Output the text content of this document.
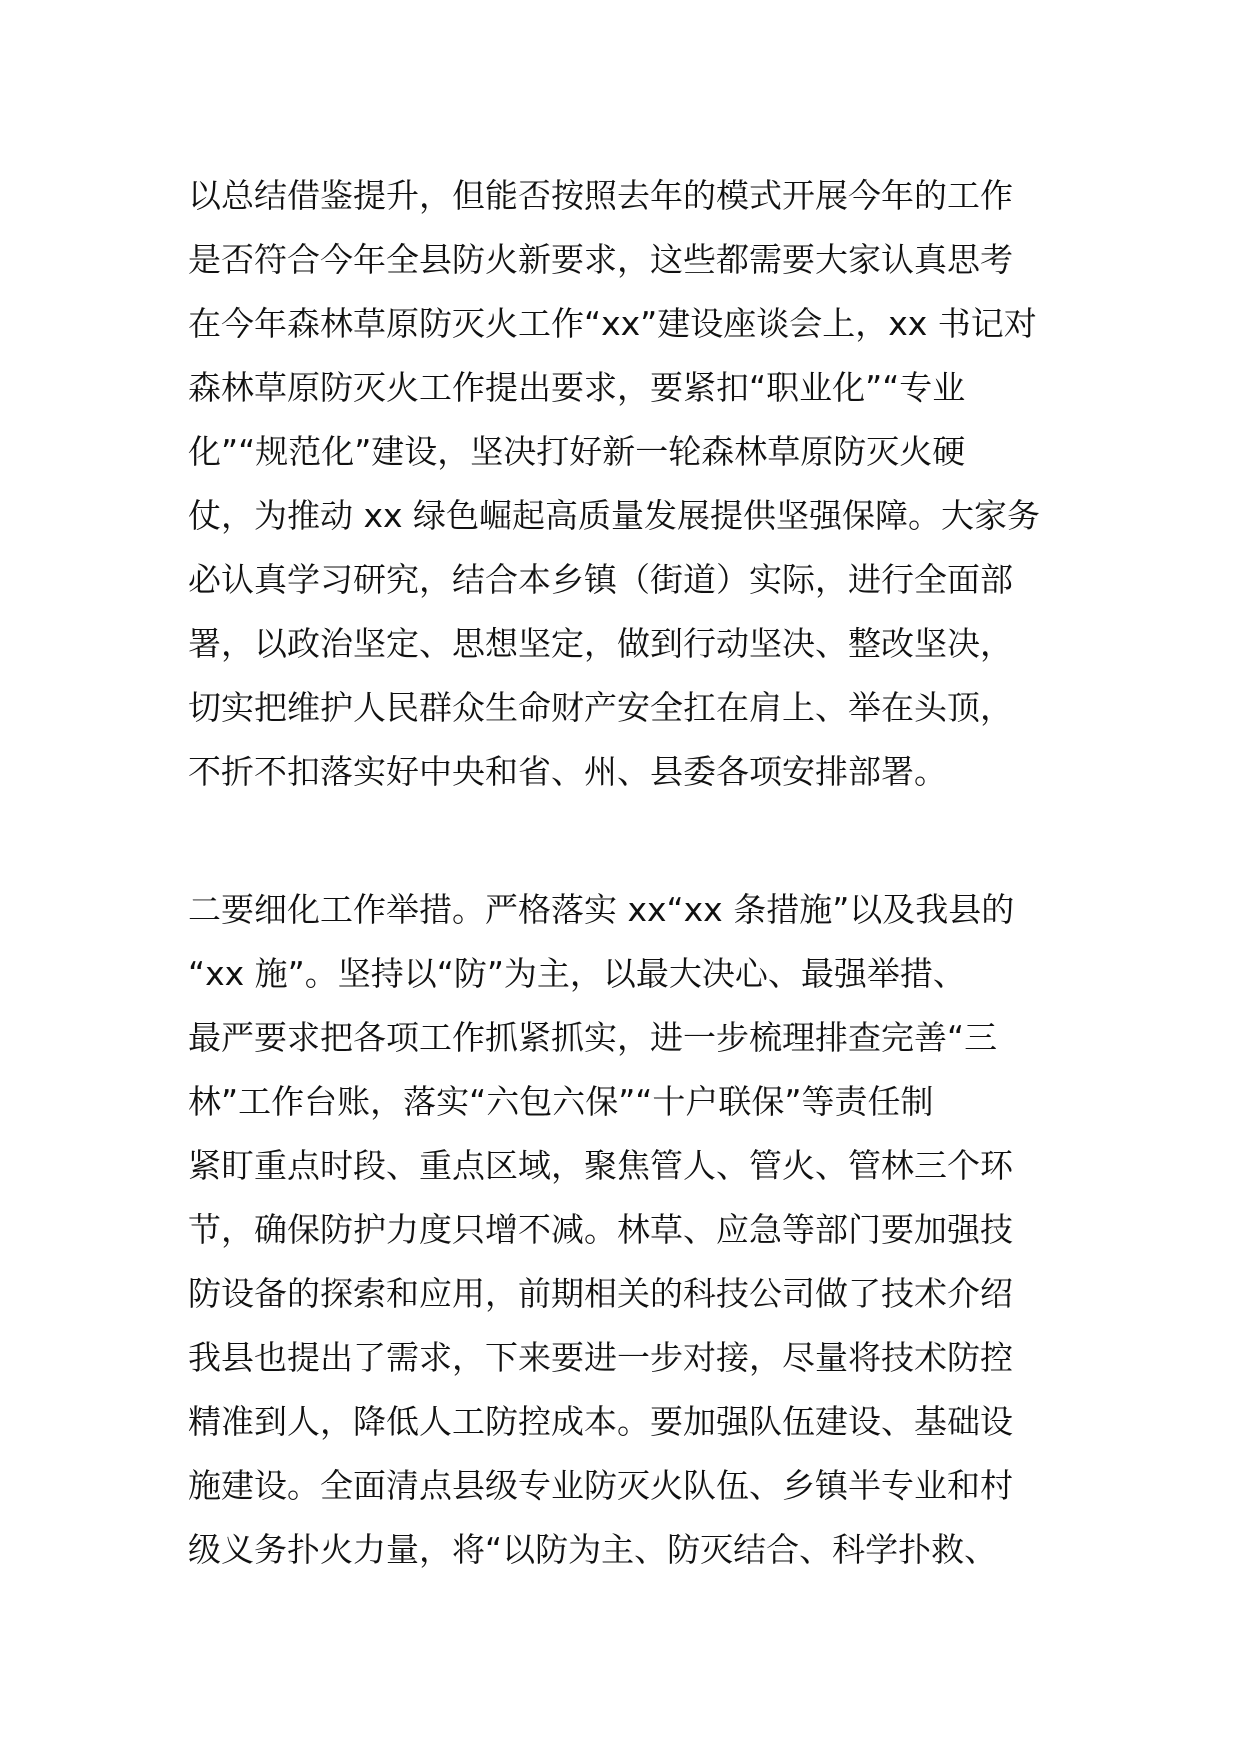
以总结借鉴提升，但能否按照去年的模式开展今年的工作
是否符合今年全县防火新要求，这些都需要大家认真思考
在今年森林草原防灭火工作“xx”建设座谈会上，xx 书记对
森林草原防灭火工作提出要求，要紧扣“职业化”“专业
化”“规范化”建设，坚决打好新一轮森林草原防灭火硬
仗，为推动 xx 绿色崛起高质量发展提供坚强保障。大家务
必认真学习研究，结合本乡镇（街道）实际，进行全面部
署，以政治坚定、思想坚定，做到行动坚决、整改坚决，
切实把维护人民群众生命财产安全扛在肩上、举在头顶，
不折不扣落实好中央和省、州、县委各项安排部署。
二要细化工作举措。严格落实 xx“xx 条措施”以及我县的
“xx 施”。坚持以“防”为主，以最大决心、最强举措、
最严要求把各项工作抓紧抓实，进一步梳理排查完善“三
林”工作台账，落实“六包六保”“十户联保”等责任制
紧盯重点时段、重点区域，聚焦管人、管火、管林三个环
节，确保防护力度只增不减。林草、应急等部门要加强技
防设备的探索和应用，前期相关的科技公司做了技术介绍
我县也提出了需求，下来要进一步对接，尽量将技术防控
精准到人，降低人工防控成本。要加强队伍建设、基础设
施建设。全面清点县级专业防灭火队伍、乡镇半专业和村
级义务扑火力量，将“以防为主、防灭结合、科学扑救、
